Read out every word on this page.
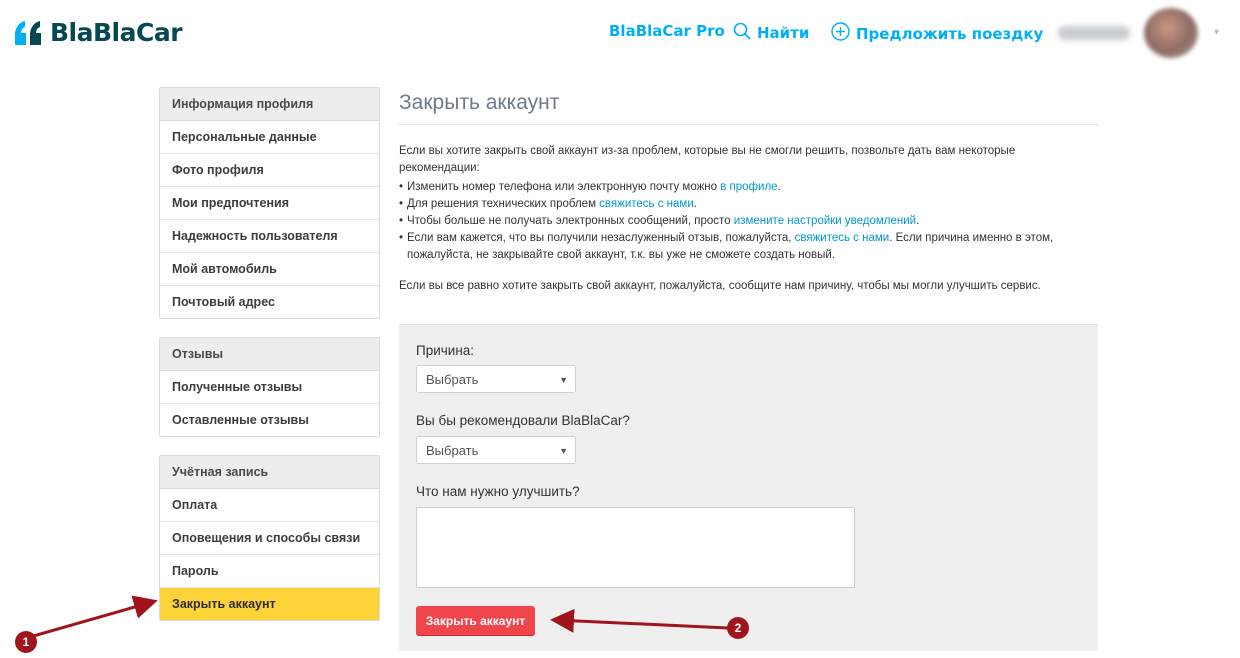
BlaBlaCar	BlaBlaCar Pro Найти	Предложить поездку	▾
Информация профиля
Персональные данные
Фото профиля
Мои предпочтения
Надежность пользователя
Мой автомобиль
Почтовый адрес
Отзывы
Полученные отзывы
Оставленные отзывы
Учётная запись
Оплата
Оповещения и способы связи
Пароль
Закрыть аккаунт
Закрыть аккаунт
Если вы хотите закрыть свой аккаунт из-за проблем, которые вы не смогли решить, позвольте дать вам некоторые рекомендации:
• Изменить номер телефона или электронную почту можно в профиле.
• Для решения технических проблем свяжитесь с нами.
• Чтобы больше не получать электронных сообщений, просто измените настройки уведомлений.
• Если вам кажется, что вы получили незаслуженный отзыв, пожалуйста, свяжитесь с нами. Если причина именно в этом, пожалуйста, не закрывайте свой аккаунт, т.к. вы уже не сможете создать новый.
Если вы все равно хотите закрыть свой аккаунт, пожалуйста, сообщите нам причину, чтобы мы могли улучшить сервис.
Причина:
Выбрать	▼
Вы бы рекомендовали BlaBlaCar?
Выбрать	▼
Что нам нужно улучшить?
Закрыть аккаунт
1
2
